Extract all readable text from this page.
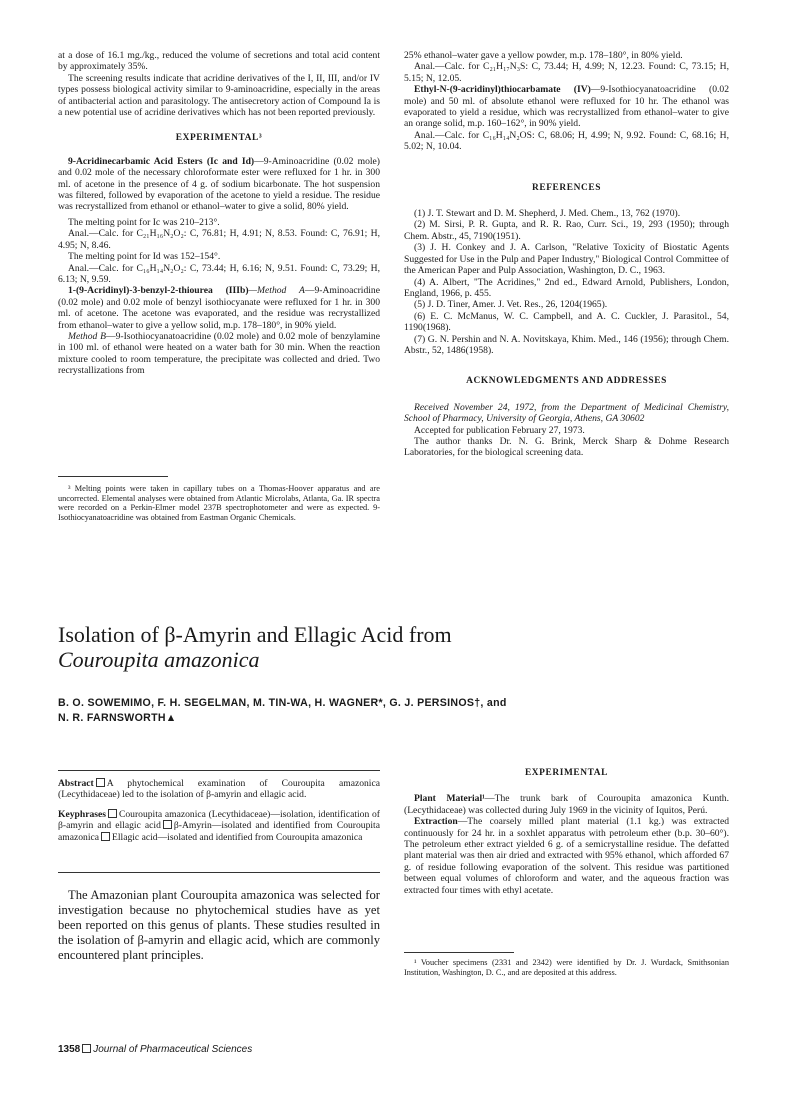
at a dose of 16.1 mg./kg., reduced the volume of secretions and total acid content by approximately 35%.

The screening results indicate that acridine derivatives of the I, II, III, and/or IV types possess biological activity similar to 9-aminoacridine, especially in the areas of antibacterial action and parasitology. The antisecretory action of Compound Ia is a new potential use of acridine derivatives which has not been reported previously.

EXPERIMENTAL³

9-Acridinecarbamic Acid Esters (Ic and Id)—9-Aminoacridine (0.02 mole) and 0.02 mole of the necessary chloroformate ester were refluxed for 1 hr. in 300 ml. of acetone in the presence of 4 g. of sodium bicarbonate. The hot suspension was filtered, followed by evaporation of the acetone to yield a residue. The residue was recrystallized from ethanol or ethanol–water to give a solid, 80% yield.

The melting point for Ic was 210–213°.

Anal.—Calc. for C₂₁H₁₆N₂O₂: C, 76.81; H, 4.91; N, 8.53. Found: C, 76.91; H, 4.95; N, 8.46.

The melting point for Id was 152–154°.

Anal.—Calc. for C₁₆H₁₄N₂O₂: C, 73.44; H, 6.16; N, 9.51. Found: C, 73.29; H, 6.13; N, 9.59.

1-(9-Acridinyl)-3-benzyl-2-thiourea (IIIb)—Method A—9-Aminoacridine (0.02 mole) and 0.02 mole of benzyl isothiocyanate were refluxed for 1 hr. in 300 ml. of acetone. The acetone was evaporated, and the residue was recrystallized from ethanol–water to give a yellow solid, m.p. 178–180°, in 90% yield.

Method B—9-Isothiocyanatoacridine (0.02 mole) and 0.02 mole of benzylamine in 100 ml. of ethanol were heated on a water bath for 30 min. When the reaction mixture cooled to room temperature, the precipitate was collected and dried. Two recrystallizations from

³ Melting points were taken in capillary tubes on a Thomas-Hoover apparatus and are uncorrected. Elemental analyses were obtained from Atlantic Microlabs, Atlanta, Ga. IR spectra were recorded on a Perkin-Elmer model 237B spectrophotometer and were as expected. 9-Isothiocyanatoacridine was obtained from Eastman Organic Chemicals.

25% ethanol–water gave a yellow powder, m.p. 178–180°, in 80% yield.

Anal.—Calc. for C₂₁H₁₇N₃S: C, 73.44; H, 4.99; N, 12.23. Found: C, 73.15; H, 5.15; N, 12.05.

Ethyl-N-(9-acridinyl)thiocarbamate (IV)—9-Isothiocyanatoacridine (0.02 mole) and 50 ml. of absolute ethanol were refluxed for 10 hr. The ethanol was evaporated to yield a residue, which was recrystallized from ethanol–water to give an orange solid, m.p. 160–162°, in 90% yield.

Anal.—Calc. for C₁₆H₁₄N₂OS: C, 68.06; H, 4.99; N, 9.92. Found: C, 68.16; H, 5.02; N, 10.04.

REFERENCES

(1) J. T. Stewart and D. M. Shepherd, J. Med. Chem., 13, 762 (1970).

(2) M. Sirsi, P. R. Gupta, and R. R. Rao, Curr. Sci., 19, 293 (1950); through Chem. Abstr., 45, 7190(1951).

(3) J. H. Conkey and J. A. Carlson, "Relative Toxicity of Biostatic Agents Suggested for Use in the Pulp and Paper Industry," Biological Control Committee of the American Paper and Pulp Association, Washington, D. C., 1963.

(4) A. Albert, "The Acridines," 2nd ed., Edward Arnold, Publishers, London, England, 1966, p. 455.

(5) J. D. Tiner, Amer. J. Vet. Res., 26, 1204(1965).

(6) E. C. McManus, W. C. Campbell, and A. C. Cuckler, J. Parasitol., 54, 1190(1968).

(7) G. N. Pershin and N. A. Novitskaya, Khim. Med., 146 (1956); through Chem. Abstr., 52, 1486(1958).

ACKNOWLEDGMENTS AND ADDRESSES

Received November 24, 1972, from the Department of Medicinal Chemistry, School of Pharmacy, University of Georgia, Athens, GA 30602

Accepted for publication February 27, 1973.

The author thanks Dr. N. G. Brink, Merck Sharp & Dohme Research Laboratories, for the biological screening data.

Isolation of β-Amyrin and Ellagic Acid from
Couroupita amazonica
B. O. SOWEMIMO, F. H. SEGELMAN, M. TIN-WA, H. WAGNER*, G. J. PERSINOS†, and
N. R. FARNSWORTH▲

Abstract A phytochemical examination of Couroupita amazonica (Lecythidaceae) led to the isolation of β-amyrin and ellagic acid.

Keyphrases Couroupita amazonica (Lecythidaceae)—isolation, identification of β-amyrin and ellagic acid β-Amyrin—isolated and identified from Couroupita amazonica Ellagic acid—isolated and identified from Couroupita amazonica

The Amazonian plant Couroupita amazonica was selected for investigation because no phytochemical studies have as yet been reported on this genus of plants. These studies resulted in the isolation of β-amyrin and ellagic acid, which are commonly encountered plant principles.

EXPERIMENTAL

Plant Material¹—The trunk bark of Couroupita amazonica Kunth. (Lecythidaceae) was collected during July 1969 in the vicinity of Iquitos, Perú.

Extraction—The coarsely milled plant material (1.1 kg.) was extracted continuously for 24 hr. in a soxhlet apparatus with petroleum ether (b.p. 30–60°). The petroleum ether extract yielded 6 g. of a semicrystalline residue. The defatted plant material was then air dried and extracted with 95% ethanol, which afforded 67 g. of residue following evaporation of the solvent. This residue was partitioned between equal volumes of chloroform and water, and the aqueous fraction was extracted four times with ethyl acetate.

¹ Voucher specimens (2331 and 2342) were identified by Dr. J. Wurdack, Smithsonian Institution, Washington, D. C., and are deposited at this address.

1358 Journal of Pharmaceutical Sciences
